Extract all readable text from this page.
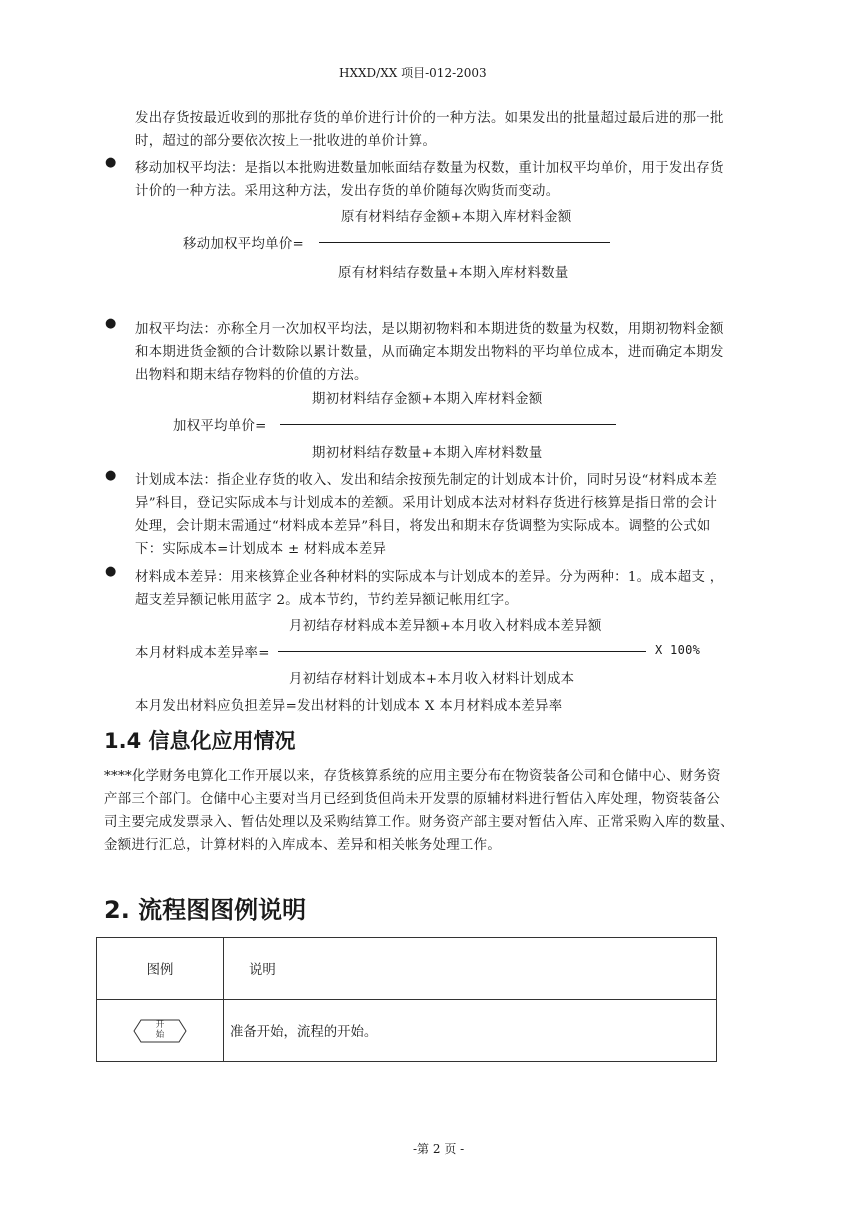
HXXD/XX 项目-012-2003
发出存货按最近收到的那批存货的单价进行计价的一种方法。如果发出的批量超过最后进的那一批
时，超过的部分要依次按上一批收进的单价计算。
● 移动加权平均法：是指以本批购进数量加帐面结存数量为权数，重计加权平均单价，用于发出存货
计价的一种方法。采用这种方法，发出存货的单价随每次购货而变动。
原有材料结存金额+本期入库材料金额
移动加权平均单价=
原有材料结存数量+本期入库材料数量
● 加权平均法：亦称全月一次加权平均法，是以期初物料和本期进货的数量为权数，用期初物料金额
和本期进货金额的合计数除以累计数量，从而确定本期发出物料的平均单位成本，进而确定本期发
出物料和期末结存物料的价值的方法。
期初材料结存金额+本期入库材料金额
加权平均单价=
期初材料结存数量+本期入库材料数量
● 计划成本法：指企业存货的收入、发出和结余按预先制定的计划成本计价，同时另设“材料成本差
异”科目，登记实际成本与计划成本的差额。采用计划成本法对材料存货进行核算是指日常的会计
处理，会计期末需通过“材料成本差异”科目，将发出和期末存货调整为实际成本。调整的公式如
下：实际成本=计划成本 ± 材料成本差异
● 材料成本差异：用来核算企业各种材料的实际成本与计划成本的差异。分为两种：1。成本超支 ，
超支差异额记帐用蓝字 2。成本节约，节约差异额记帐用红字。
月初结存材料成本差异额+本月收入材料成本差异额
本月材料成本差异率=	X 100%
月初结存材料计划成本+本月收入材料计划成本
本月发出材料应负担差异=发出材料的计划成本 X 本月材料成本差异率
1.4 信息化应用情况
****化学财务电算化工作开展以来，存货核算系统的应用主要分布在物资装备公司和仓储中心、财务资
产部三个部门。仓储中心主要对当月已经到货但尚未开发票的原辅材料进行暂估入库处理，物资装备公
司主要完成发票录入、暂估处理以及采购结算工作。财务资产部主要对暂估入库、正常采购入库的数量、
金额进行汇总，计算材料的入库成本、差异和相关帐务处理工作。
2. 流程图图例说明
图例	说明

开
始	准备开始，流程的开始。
-第 2 页 -
